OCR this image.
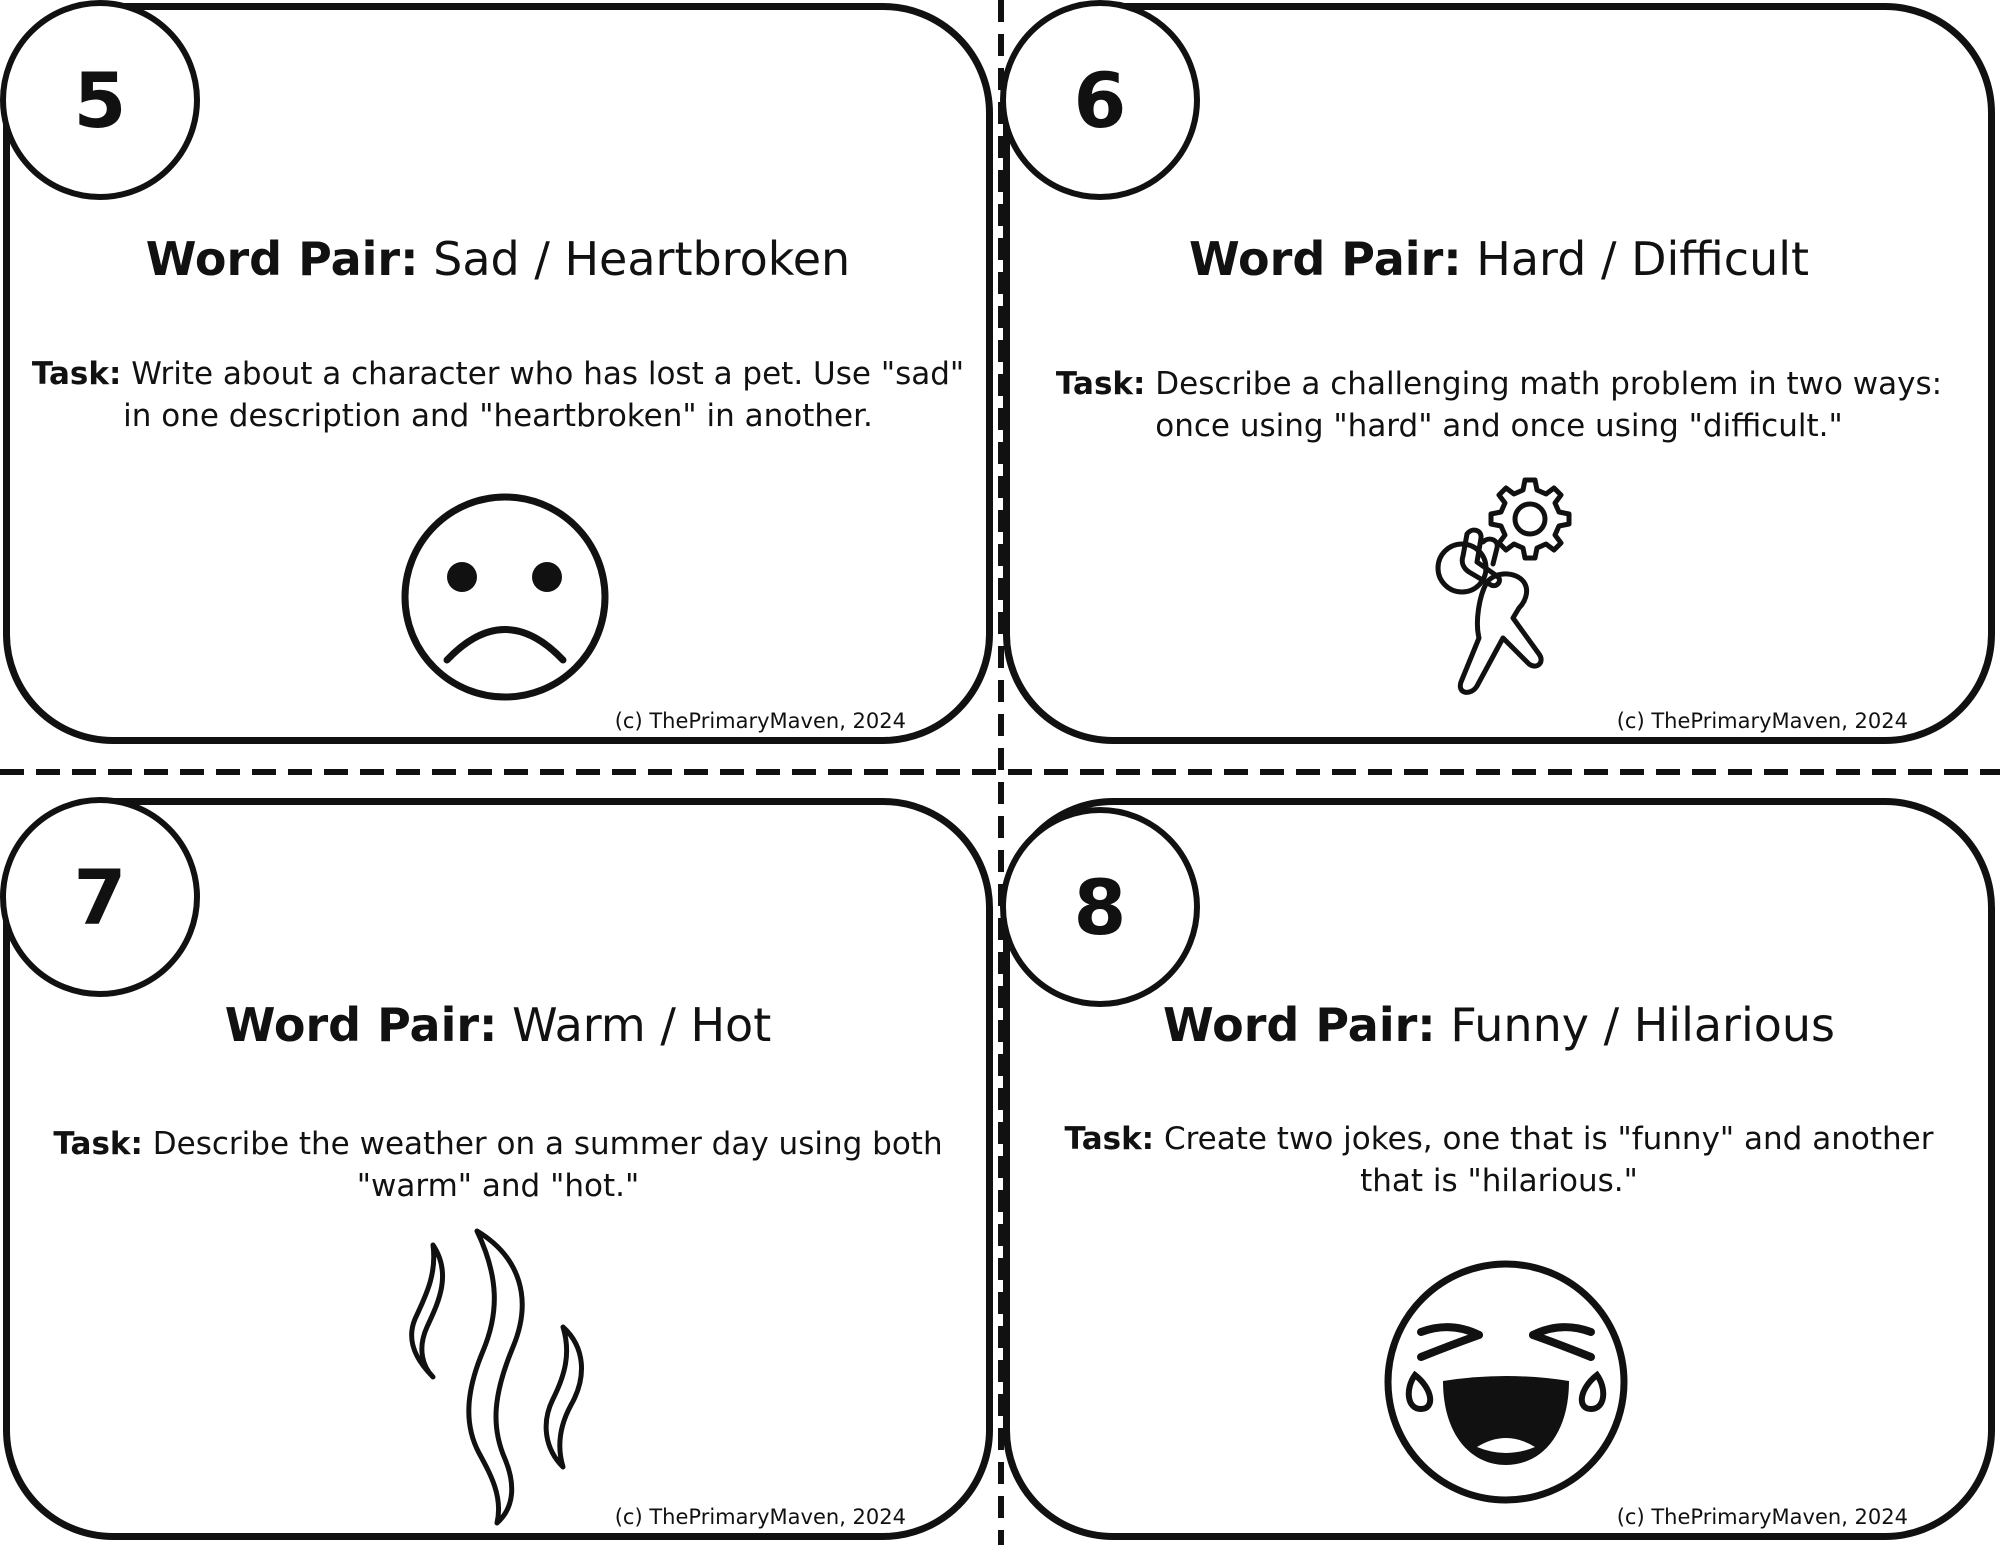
Word Pair: Sad / Heartbroken
Task: Write about a character who has lost a pet. Use "sad" in one description and "heartbroken" in another.
(c) ThePrimaryMaven, 2024
5
Word Pair: Hard / Difficult
Task: Describe a challenging math problem in two ways: once using "hard" and once using "difficult."
(c) ThePrimaryMaven, 2024
6
Word Pair: Warm / Hot
Task: Describe the weather on a summer day using both "warm" and "hot."
(c) ThePrimaryMaven, 2024
7
Word Pair: Funny / Hilarious
Task: Create two jokes, one that is "funny" and another that is "hilarious."
(c) ThePrimaryMaven, 2024
8
